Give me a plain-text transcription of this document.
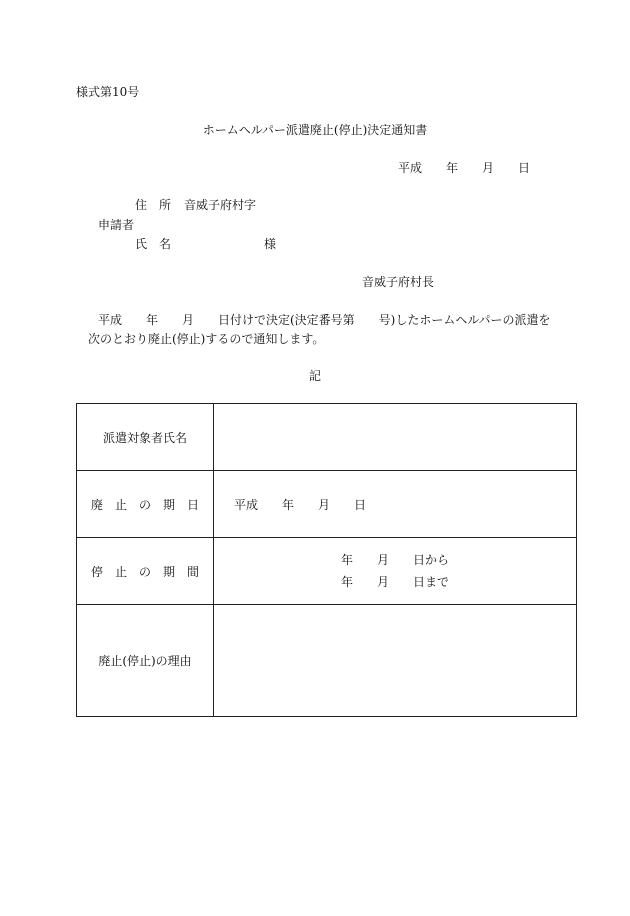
様式第10号
ホームヘルパー派遣廃止(停止)決定通知書
平成　　年　　月　　日
住　所 音威子府村字
申請者
氏　名	様
音威子府村長
平成　　年　　月　　日付けで決定(決定番号第　　号)したホームヘルパーの派遣を
次のとおり廃止(停止)するので通知します。
記
派遣対象者氏名	
廃　止　の　期　日	平成　　年　　月　　日
停　止　の　期　間	年　　月　　日から
年　　月　　日まで

廃止(停止)の理由	
